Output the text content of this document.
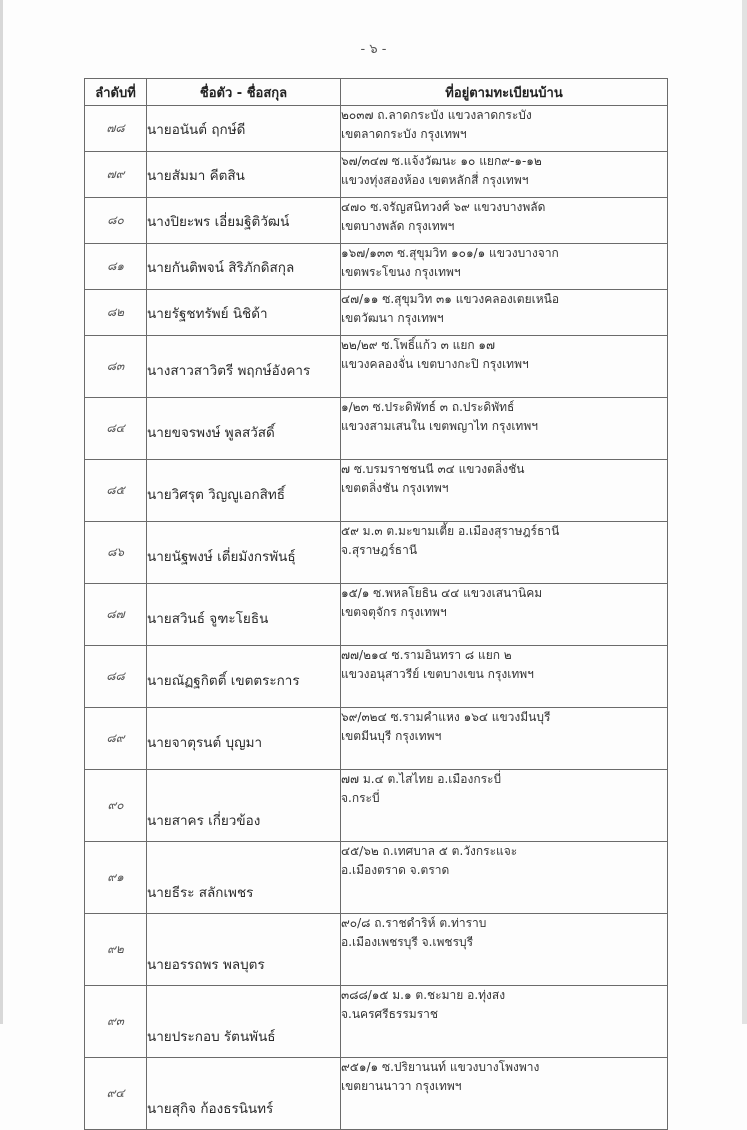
- ๖ -
ลำดับที่	ชื่อตัว - ชื่อสกุล	ที่อยู่ตามทะเบียนบ้าน
๗๘	นายอนันต์ ฤกษ์ดี	๒๐๓๗ ถ.ลาดกระบัง แขวงลาดกระบัง
เขตลาดกระบัง กรุงเทพฯ

๗๙	นายสัมมา คีตสิน	๖๗/๓๔๗ ซ.แจ้งวัฒนะ ๑๐ แยก๙-๑-๑๒
แขวงทุ่งสองห้อง เขตหลักสี่ กรุงเทพฯ

๘๐	นางปิยะพร เอี่ยมฐิติวัฒน์	๔๗๐ ซ.จรัญสนิทวงศ์ ๖๙ แขวงบางพลัด
เขตบางพลัด กรุงเทพฯ

๘๑	นายกันติพจน์ สิริภักดิสกุล	๑๖๗/๑๓๓ ซ.สุขุมวิท ๑๐๑/๑ แขวงบางจาก
เขตพระโขนง กรุงเทพฯ

๘๒	นายรัฐชทรัพย์ นิชิด้า	๔๗/๑๑ ซ.สุขุมวิท ๓๑ แขวงคลองเตยเหนือ
เขตวัฒนา กรุงเทพฯ

๘๓	นางสาวสาวิตรี พฤกษ์อังคาร	๒๒/๒๙ ซ.โพธิ์แก้ว ๓ แยก ๑๗
แขวงคลองจั่น เขตบางกะปิ กรุงเทพฯ

๘๔	นายขจรพงษ์ พูลสวัสดิ์	๑/๒๓ ซ.ประดิพัทธ์ ๓ ถ.ประดิพัทธ์
แขวงสามเสนใน เขตพญาไท กรุงเทพฯ

๘๕	นายวิศรุต วิญญูเอกสิทธิ์	๗ ซ.บรมราชชนนี ๓๔ แขวงตลิ่งชัน
เขตตลิ่งชัน กรุงเทพฯ

๘๖	นายนัฐพงษ์ เตี่ยมังกรพันธุ์	๕๙ ม.๓ ต.มะขามเตี้ย อ.เมืองสุราษฎร์ธานี
จ.สุราษฎร์ธานี

๘๗	นายสวินธ์ จูฑะโยธิน	๑๕/๑ ซ.พหลโยธิน ๔๔ แขวงเสนานิคม
เขตจตุจักร กรุงเทพฯ

๘๘	นายณัฏฐกิตติ์ เขตตระการ	๗๗/๒๑๔ ซ.รามอินทรา ๘ แยก ๒
แขวงอนุสาวรีย์ เขตบางเขน กรุงเทพฯ

๘๙	นายจาตุรนต์ บุญมา	๖๙/๓๒๔ ซ.รามคำแหง ๑๖๔ แขวงมีนบุรี
เขตมีนบุรี กรุงเทพฯ

๙๐	นายสาคร เกี่ยวข้อง	๗๗ ม.๔ ต.ไสไทย อ.เมืองกระบี่
จ.กระบี่

๙๑	นายธีระ สลักเพชร	๔๕/๖๒ ถ.เทศบาล ๕ ต.วังกระแจะ
อ.เมืองตราด จ.ตราด

๙๒	นายอรรถพร พลบุตร	๙๐/๘ ถ.ราชดำริห์ ต.ท่าราบ
อ.เมืองเพชรบุรี จ.เพชรบุรี

๙๓	นายประกอบ รัตนพันธ์	๓๘๘/๑๕ ม.๑ ต.ชะมาย อ.ทุ่งสง
จ.นครศรีธรรมราช

๙๔	นายสุกิจ ก้องธรนินทร์	๙๕๑/๑ ซ.ปริยานนท์ แขวงบางโพงพาง
เขตยานนาวา กรุงเทพฯ
